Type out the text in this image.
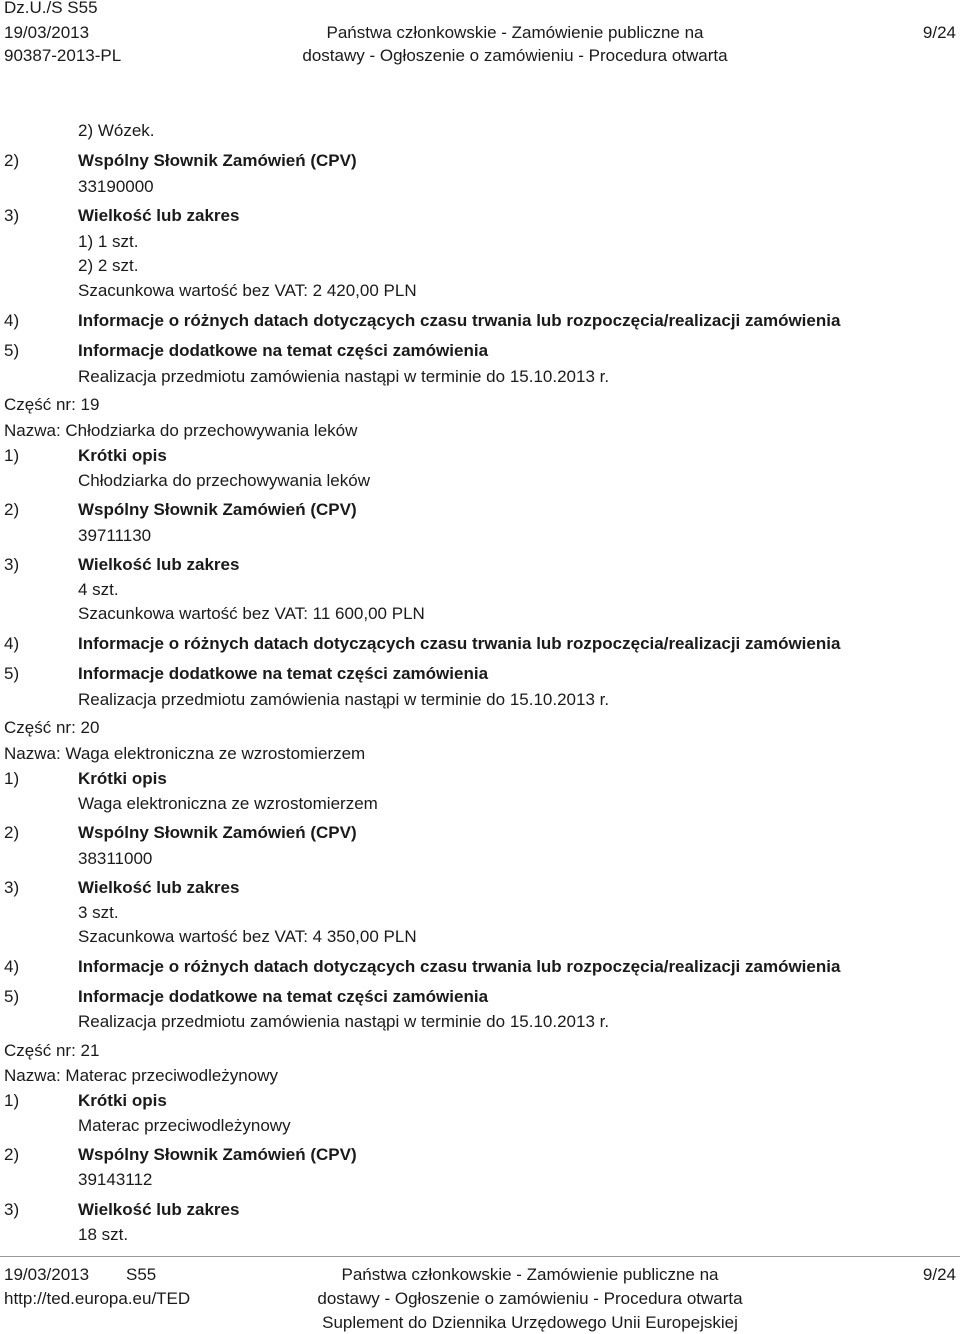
Dz.U./S S55
19/03/2013
90387-2013-PL
Państwa członkowskie - Zamówienie publiczne na
dostawy - Ogłoszenie o zamówieniu - Procedura otwarta
9/24
2) Wózek.
2)	Wspólny Słownik Zamówień (CPV)
33190000
3)	Wielkość lub zakres
1) 1 szt.
2) 2 szt.
Szacunkowa wartość bez VAT: 2 420,00 PLN
4)	Informacje o różnych datach dotyczących czasu trwania lub rozpoczęcia/realizacji zamówienia
5)	Informacje dodatkowe na temat części zamówienia
Realizacja przedmiotu zamówienia nastąpi w terminie do 15.10.2013 r.
Część nr: 19
Nazwa: Chłodziarka do przechowywania leków
1)	Krótki opis
Chłodziarka do przechowywania leków
2)	Wspólny Słownik Zamówień (CPV)
39711130
3)	Wielkość lub zakres
4 szt.
Szacunkowa wartość bez VAT: 11 600,00 PLN
4)	Informacje o różnych datach dotyczących czasu trwania lub rozpoczęcia/realizacji zamówienia
5)	Informacje dodatkowe na temat części zamówienia
Realizacja przedmiotu zamówienia nastąpi w terminie do 15.10.2013 r.
Część nr: 20
Nazwa: Waga elektroniczna ze wzrostomierzem
1)	Krótki opis
Waga elektroniczna ze wzrostomierzem
2)	Wspólny Słownik Zamówień (CPV)
38311000
3)	Wielkość lub zakres
3 szt.
Szacunkowa wartość bez VAT: 4 350,00 PLN
4)	Informacje o różnych datach dotyczących czasu trwania lub rozpoczęcia/realizacji zamówienia
5)	Informacje dodatkowe na temat części zamówienia
Realizacja przedmiotu zamówienia nastąpi w terminie do 15.10.2013 r.
Część nr: 21
Nazwa: Materac przeciwodleżynowy
1)	Krótki opis
Materac przeciwodleżynowy
2)	Wspólny Słownik Zamówień (CPV)
39143112
3)	Wielkość lub zakres
18 szt.
19/03/2013 S55
http://ted.europa.eu/TED
Państwa członkowskie - Zamówienie publiczne na
dostawy - Ogłoszenie o zamówieniu - Procedura otwarta
Suplement do Dziennika Urzędowego Unii Europejskiej
9/24
